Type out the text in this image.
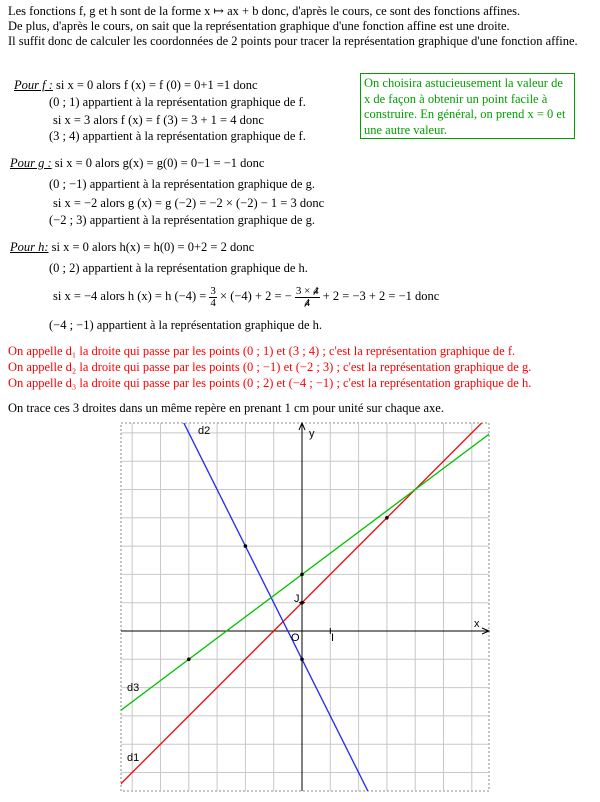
Les fonctions f, g et h sont de la forme x ↦ ax + b donc, d'après le cours, ce sont des fonctions affines.
De plus, d'après le cours, on sait que la représentation graphique d'une fonction affine est une droite.
Il suffit donc de calculer les coordonnées de 2 points pour tracer la représentation graphique d'une fonction affine.
Pour f : si x = 0 alors f (x) = f (0) = 0+1 =1 donc
(0 ; 1) appartient à la représentation graphique de f.
si x = 3 alors f (x) = f (3) = 3 + 1 = 4 donc
(3 ; 4) appartient à la représentation graphique de f.
On choisira astucieusement la valeur de x de façon à obtenir un point facile à construire. En général, on prend x = 0 et une autre valeur.
Pour g : si x = 0 alors g(x) = g(0) = 0−1 = −1 donc
(0 ; −1) appartient à la représentation graphique de g.
si x = −2 alors g (x) = g (−2) = −2 × (−2) − 1 = 3 donc
(−2 ; 3) appartient à la représentation graphique de g.
Pour h: si x = 0 alors h(x) = h(0) = 0+2 = 2 donc
(0 ; 2) appartient à la représentation graphique de h.
si x = −4 alors h (x) = h $(-4) = \frac{3}{4} \times (-4) + 2$ = − $\frac{3 \times 4}{4} + 2 = -3 + 2 = -1$ donc
(−4 ; −1) appartient à la représentation graphique de h.
On appelle d₁ la droite qui passe par les points (0 ; 1) et (3 ; 4) ; c'est la représentation graphique de f.
On appelle d₂ la droite qui passe par les points (0 ; −1) et (−2 ; 3) ; c'est la représentation graphique de g.
On appelle d₃ la droite qui passe par les points (0 ; 2) et (−4 ; −1) ; c'est la représentation graphique de h.
On trace ces 3 droites dans un même repère en prenant 1 cm pour unité sur chaque axe.
d2
d3
d1
y
x
O	I
J
